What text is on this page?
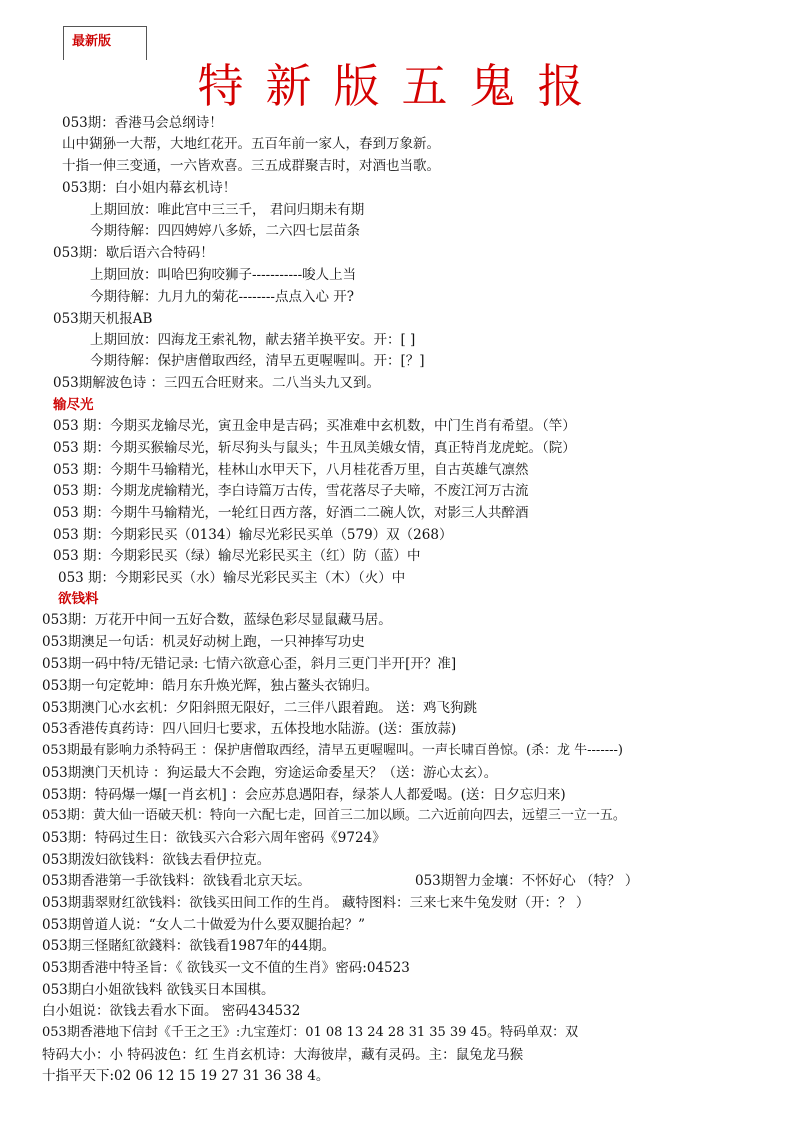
最新版
特新版五鬼报
053期：香港马会总纲诗！
山中猢狲一大帮，大地红花开。五百年前一家人，春到万象新。
十指一伸三变通，一六皆欢喜。三五成群聚吉时，对酒也当歌。
053期：白小姐内幕玄机诗！
上期回放：唯此宫中三三千， 君问归期未有期
今期待解：四四娉婷八多娇，二六四七层苗条
053期：歇后语六合特码！
上期回放：叫哈巴狗咬狮子-----------唆人上当
今期待解：九月九的菊花--------点点入心 开?
053期天机报AB
上期回放：四海龙王索礼物，献去猪羊换平安。开：[ ]
今期待解：保护唐僧取西经，清早五更喔喔叫。开：[？]
053期解波色诗 ：三四五合旺财来。二八当头九又到。
输尽光
053 期：今期买龙输尽光，寅丑金申是吉码；买准难中玄机数，中门生肖有希望。（竿）
053 期：今期买猴输尽光，斩尽狗头与鼠头；牛丑凤美娥女情，真正特肖龙虎蛇。（院）
053 期：今期牛马输精光，桂林山水甲天下，八月桂花香万里，自古英雄气凛然
053 期：今期龙虎输精光，李白诗篇万古传，雪花落尽子夫啼，不废江河万古流
053 期：今期牛马输精光，一轮红日西方落，好酒二二碗人饮，对影三人共醉酒
053 期：今期彩民买（0134）输尽光彩民买单（579）双（268）
053 期：今期彩民买（绿）输尽光彩民买主（红）防（蓝）中
053 期：今期彩民买（水）输尽光彩民买主（木）（火）中
欲钱料
053期：万花开中间一五好合数，蓝绿色彩尽显鼠藏马居。
053期澳足一句话：机灵好动树上跑，一只神捧写功史
053期一码中特/无错记录: 七情六欲意心歪，斜月三更门半开[开？准]
053期一句定乾坤：皓月东升焕光辉，独占鳌头衣锦归。
053期澳门心水玄机：夕阳斜照无限好，二三伴八跟着跑。 送：鸡飞狗跳
053香港传真药诗：四八回归七要求，五体投地水陆游。(送：蛋放蒜)
053期最有影响力杀特码王 ：保护唐僧取西经，清早五更喔喔叫。一声长啸百兽惊。(杀：龙 牛-------)
053期澳门天机诗 ：狗运最大不会跑，穷途运命委星天？（送：游心太玄）。
053期：特码爆一爆[一肖玄机] ：会应苏息遇阳春，绿茶人人都爱喝。(送：日夕忘归来)
053期：黄大仙一语破天机：特向一六配七走，回首三二加以顾。二六近前向四去，远望三一立一五。
053期：特码过生日：欲钱买六合彩六周年密码《9724》
053期泼妇欲钱料：欲钱去看伊拉克。
053期香港第一手欲钱料：欲钱看北京天坛。	053期智力金壤：不怀好心 （特？ ）
053期翡翠财红欲钱料：欲钱买田间工作的生肖。 藏特图料：三来七来牛兔发财（开：？ ）
053期曾道人说：“女人二十做爱为什么要双腿抬起？”
053期三怪賭紅欲錢料：欲钱看1987年的44期。
053期香港中特圣旨：《 欲钱买一文不值的生肖》密码:04523
053期白小姐欲钱料 欲钱买日本国棋。
白小姐说：欲钱去看水下面。 密码434532
053期香港地下信封《千王之王》:九宝莲灯：01 08 13 24 28 31 35 39 45。特码单双：双
特码大小：小 特码波色：红 生肖玄机诗：大海彼岸，藏有灵码。主：鼠兔龙马猴
十指平天下:02 06 12 15 19 27 31 36 38 4。
